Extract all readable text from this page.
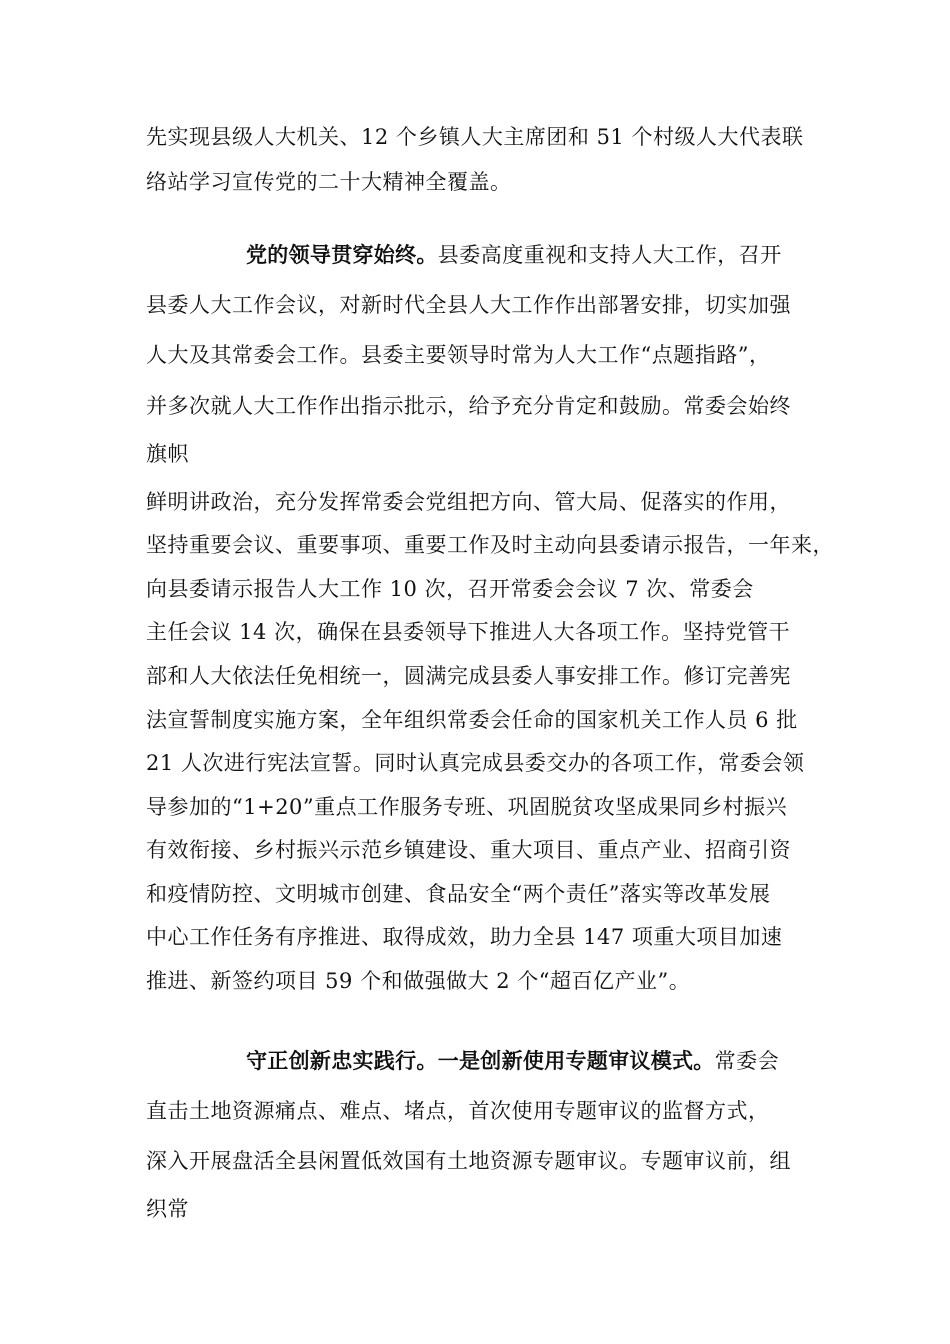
先实现县级人大机关、12 个乡镇人大主席团和 51 个村级人大代表联
络站学习宣传党的二十大精神全覆盖。
党的领导贯穿始终。县委高度重视和支持人大工作，召开
县委人大工作会议，对新时代全县人大工作作出部署安排，切实加强
人大及其常委会工作。县委主要领导时常为人大工作“点题指路”，
并多次就人大工作作出指示批示，给予充分肯定和鼓励。常委会始终
旗帜
鲜明讲政治，充分发挥常委会党组把方向、管大局、促落实的作用，
坚持重要会议、重要事项、重要工作及时主动向县委请示报告，一年来，
向县委请示报告人大工作 10 次，召开常委会会议 7 次、常委会
主任会议 14 次，确保在县委领导下推进人大各项工作。坚持党管干
部和人大依法任免相统一，圆满完成县委人事安排工作。修订完善宪
法宣誓制度实施方案，全年组织常委会任命的国家机关工作人员 6 批
21 人次进行宪法宣誓。同时认真完成县委交办的各项工作，常委会领
导参加的“1+20”重点工作服务专班、巩固脱贫攻坚成果同乡村振兴
有效衔接、乡村振兴示范乡镇建设、重大项目、重点产业、招商引资
和疫情防控、文明城市创建、食品安全“两个责任”落实等改革发展
中心工作任务有序推进、取得成效，助力全县 147 项重大项目加速
推进、新签约项目 59 个和做强做大 2 个“超百亿产业”。
守正创新忠实践行。一是创新使用专题审议模式。常委会
直击土地资源痛点、难点、堵点，首次使用专题审议的监督方式，
深入开展盘活全县闲置低效国有土地资源专题审议。专题审议前，组
织常
